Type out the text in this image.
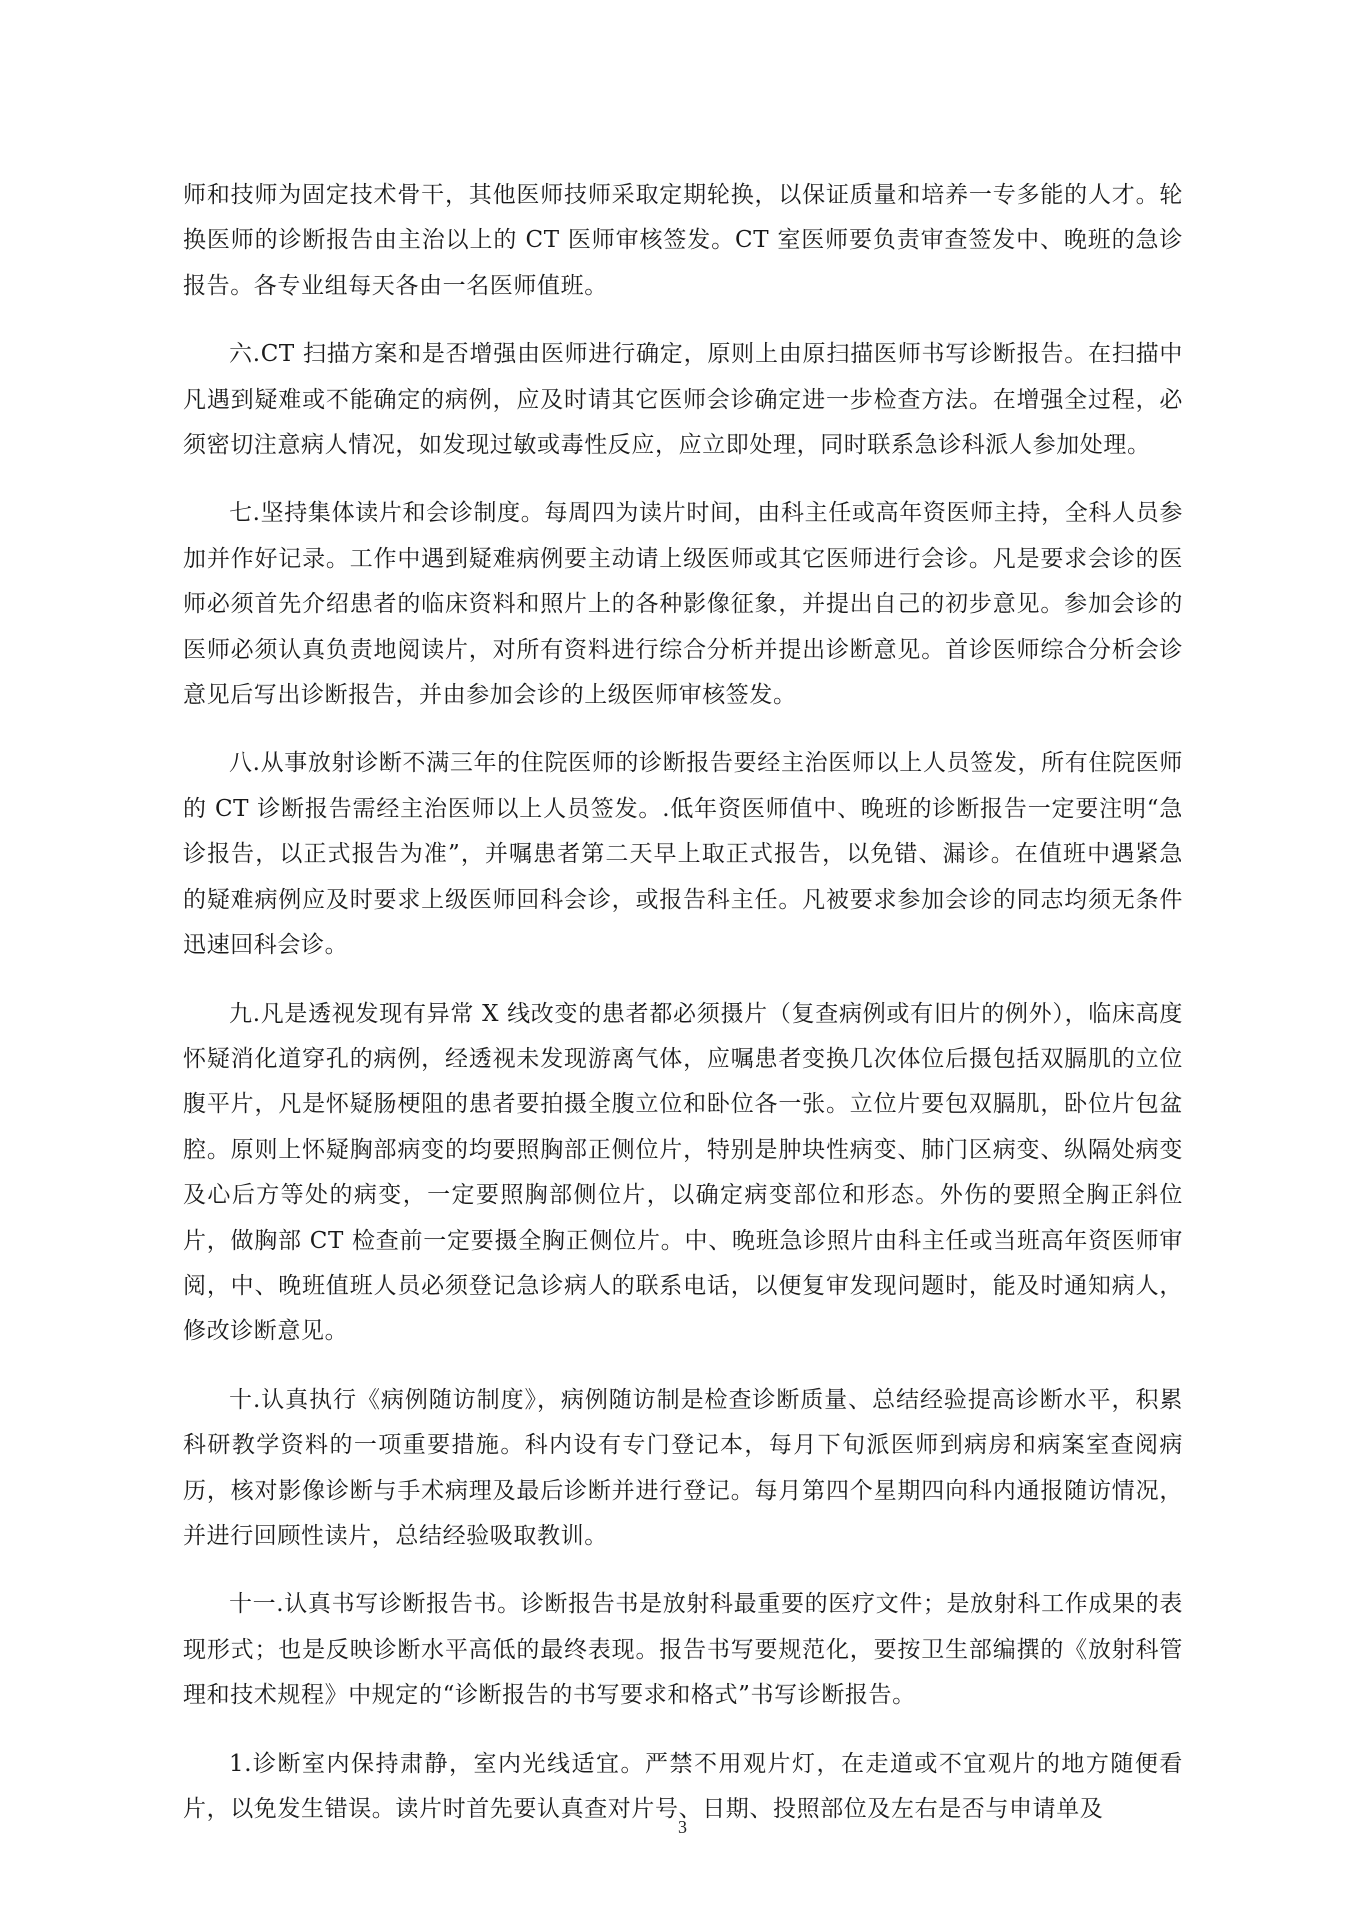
师和技师为固定技术骨干，其他医师技师采取定期轮换，以保证质量和培养一专多能的人才。轮换医师的诊断报告由主治以上的 CT 医师审核签发。CT 室医师要负责审查签发中、晚班的急诊报告。各专业组每天各由一名医师值班。

六.CT 扫描方案和是否增强由医师进行确定，原则上由原扫描医师书写诊断报告。在扫描中凡遇到疑难或不能确定的病例，应及时请其它医师会诊确定进一步检查方法。在增强全过程，必须密切注意病人情况，如发现过敏或毒性反应，应立即处理，同时联系急诊科派人参加处理。

七.坚持集体读片和会诊制度。每周四为读片时间，由科主任或高年资医师主持，全科人员参加并作好记录。工作中遇到疑难病例要主动请上级医师或其它医师进行会诊。凡是要求会诊的医师必须首先介绍患者的临床资料和照片上的各种影像征象，并提出自己的初步意见。参加会诊的医师必须认真负责地阅读片，对所有资料进行综合分析并提出诊断意见。首诊医师综合分析会诊意见后写出诊断报告，并由参加会诊的上级医师审核签发。

八.从事放射诊断不满三年的住院医师的诊断报告要经主治医师以上人员签发，所有住院医师的 CT 诊断报告需经主治医师以上人员签发。.低年资医师值中、晚班的诊断报告一定要注明“急诊报告，以正式报告为准”，并嘱患者第二天早上取正式报告，以免错、漏诊。在值班中遇紧急的疑难病例应及时要求上级医师回科会诊，或报告科主任。凡被要求参加会诊的同志均须无条件迅速回科会诊。

九.凡是透视发现有异常 X 线改变的患者都必须摄片（复查病例或有旧片的例外），临床高度怀疑消化道穿孔的病例，经透视未发现游离气体，应嘱患者变换几次体位后摄包括双膈肌的立位腹平片，凡是怀疑肠梗阻的患者要拍摄全腹立位和卧位各一张。立位片要包双膈肌，卧位片包盆腔。原则上怀疑胸部病变的均要照胸部正侧位片，特别是肿块性病变、肺门区病变、纵隔处病变及心后方等处的病变，一定要照胸部侧位片，以确定病变部位和形态。外伤的要照全胸正斜位片，做胸部 CT 检查前一定要摄全胸正侧位片。中、晚班急诊照片由科主任或当班高年资医师审阅，中、晚班值班人员必须登记急诊病人的联系电话，以便复审发现问题时，能及时通知病人，修改诊断意见。

十.认真执行《病例随访制度》，病例随访制是检查诊断质量、总结经验提高诊断水平，积累科研教学资料的一项重要措施。科内设有专门登记本，每月下旬派医师到病房和病案室查阅病历，核对影像诊断与手术病理及最后诊断并进行登记。每月第四个星期四向科内通报随访情况，并进行回顾性读片，总结经验吸取教训。

十一.认真书写诊断报告书。诊断报告书是放射科最重要的医疗文件；是放射科工作成果的表现形式；也是反映诊断水平高低的最终表现。报告书写要规范化，要按卫生部编撰的《放射科管理和技术规程》中规定的“诊断报告的书写要求和格式”书写诊断报告。

1.诊断室内保持肃静，室内光线适宜。严禁不用观片灯，在走道或不宜观片的地方随便看片，以免发生错误。读片时首先要认真查对片号、日期、投照部位及左右是否与申请单及

3
